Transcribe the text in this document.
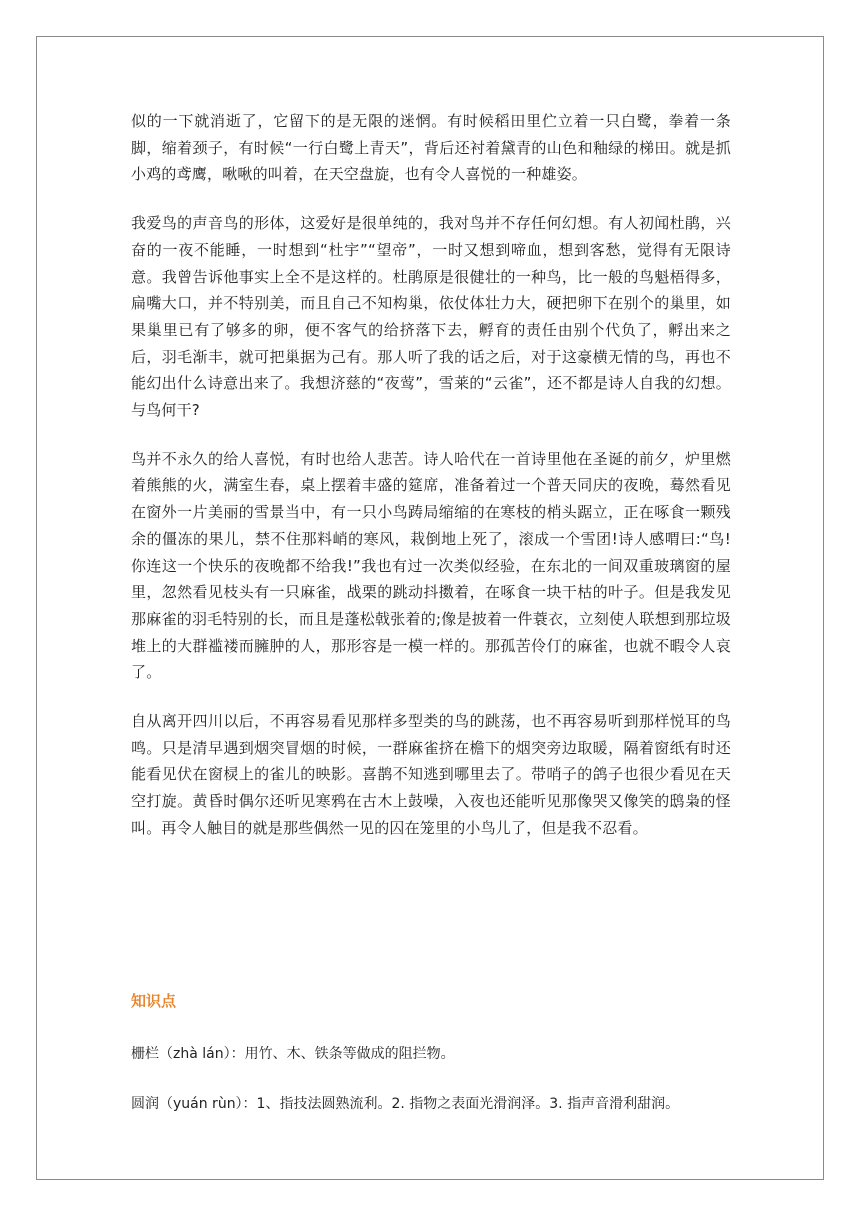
似的一下就消逝了，它留下的是无限的迷惘。有时候稻田里伫立着一只白鹭，拳着一条脚，缩着颈子，有时候“一行白鹭上青天”，背后还衬着黛青的山色和釉绿的梯田。就是抓小鸡的鸢鹰，啾啾的叫着，在天空盘旋，也有令人喜悦的一种雄姿。

我爱鸟的声音鸟的形体，这爱好是很单纯的，我对鸟并不存任何幻想。有人初闻杜鹃，兴奋的一夜不能睡，一时想到“杜宇”“望帝”，一时又想到啼血，想到客愁，觉得有无限诗意。我曾告诉他事实上全不是这样的。杜鹃原是很健壮的一种鸟，比一般的鸟魁梧得多，扁嘴大口，并不特别美，而且自己不知构巢，依仗体壮力大，硬把卵下在别个的巢里，如果巢里已有了够多的卵，便不客气的给挤落下去，孵育的责任由别个代负了，孵出来之后，羽毛渐丰，就可把巢据为己有。那人听了我的话之后，对于这豪横无情的鸟，再也不能幻出什么诗意出来了。我想济慈的“夜莺”，雪莱的“云雀”，还不都是诗人自我的幻想。与鸟何干?

鸟并不永久的给人喜悦，有时也给人悲苦。诗人哈代在一首诗里他在圣诞的前夕，炉里燃着熊熊的火，满室生春，桌上摆着丰盛的筵席，准备着过一个普天同庆的夜晚，蓦然看见在窗外一片美丽的雪景当中，有一只小鸟踌局缩缩的在寒枝的梢头踞立，正在啄食一颗残余的僵冻的果儿，禁不住那料峭的寒风，栽倒地上死了，滚成一个雪团!诗人感喟曰:“鸟!你连这一个快乐的夜晚都不给我!”我也有过一次类似经验，在东北的一间双重玻璃窗的屋里，忽然看见枝头有一只麻雀，战栗的跳动抖擞着，在啄食一块干枯的叶子。但是我发见那麻雀的羽毛特别的长，而且是蓬松戟张着的;像是披着一件蓑衣，立刻使人联想到那垃圾堆上的大群褴褛而臃肿的人，那形容是一模一样的。那孤苦伶仃的麻雀，也就不暇令人哀了。

自从离开四川以后，不再容易看见那样多型类的鸟的跳荡，也不再容易听到那样悦耳的鸟鸣。只是清早遇到烟突冒烟的时候，一群麻雀挤在檐下的烟突旁边取暖，隔着窗纸有时还能看见伏在窗棂上的雀儿的映影。喜鹊不知逃到哪里去了。带哨子的鸽子也很少看见在天空打旋。黄昏时偶尔还听见寒鸦在古木上鼓噪，入夜也还能听见那像哭又像笑的鸱枭的怪叫。再令人触目的就是那些偶然一见的囚在笼里的小鸟儿了，但是我不忍看。

知识点

栅栏（zhà lán）：用竹、木、铁条等做成的阻拦物。

圆润（yuán rùn）：1、指技法圆熟流利。2. 指物之表面光滑润泽。3. 指声音滑利甜润。
